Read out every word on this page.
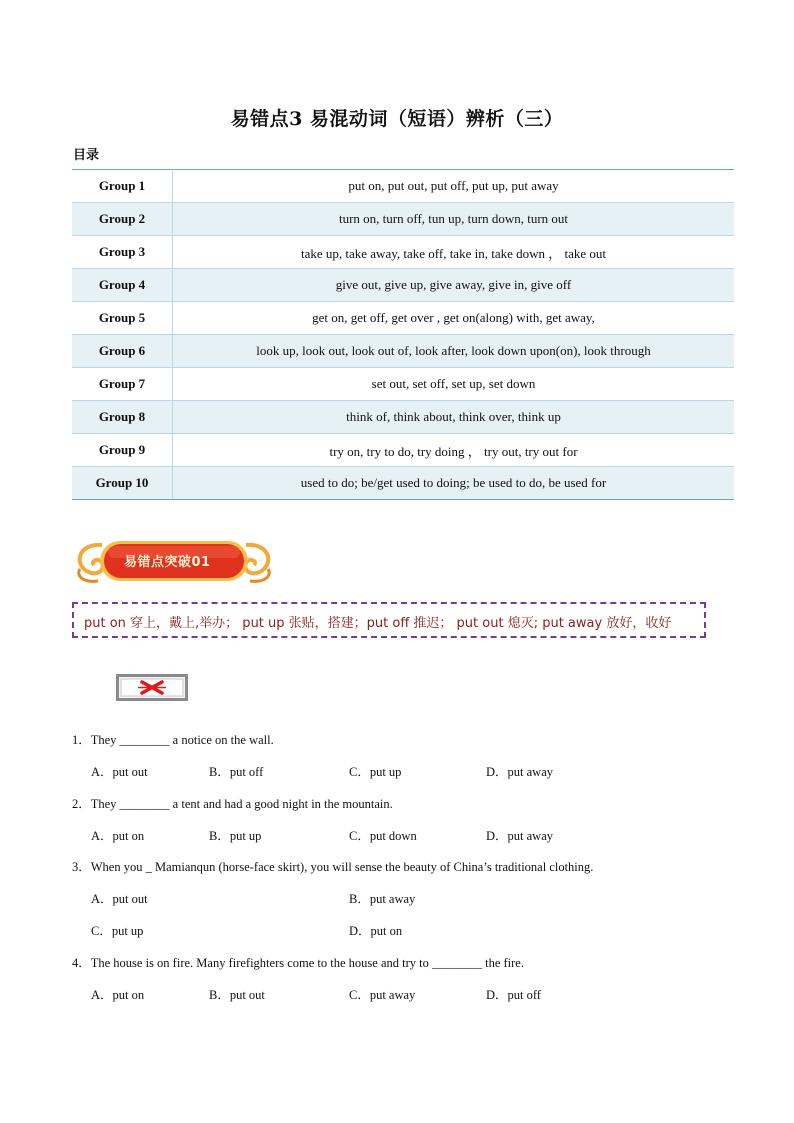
易错点3 易混动词（短语）辨析（三）
目录
Group 1	put on, put out, put off, put up, put away
Group 2	turn on, turn off, tun up, turn down, turn out
Group 3	take up, take away, take off, take in, take down ， take out
Group 4	give out, give up, give away, give in, give off
Group 5	get on, get off, get over , get on(along) with, get away,
Group 6	look up, look out, look out of, look after, look down upon(on), look through
Group 7	set out, set off, set up, set down
Group 8	think of, think about, think over, think up
Group 9	try on, try to do, try doing ， try out, try out for
Group 10	used to do; be/get used to doing; be used to do, be used for
易错点突破01
put on 穿上，戴上,举办； put up 张贴，搭建；put off 推迟； put out 熄灭; put away 放好，收好
1．They ________ a notice on the wall.
A．put out	B．put off	C．put up	D．put away
2．They ________ a tent and had a good night in the mountain.
A．put on	B．put up	C．put down	D．put away
3．When you _ Mamianqun (horse-face skirt), you will sense the beauty of China’s traditional clothing.
A．put out	B．put away
C．put up	D．put on
4．The house is on fire. Many firefighters come to the house and try to ________ the fire.
A．put on	B．put out	C．put away	D．put off
